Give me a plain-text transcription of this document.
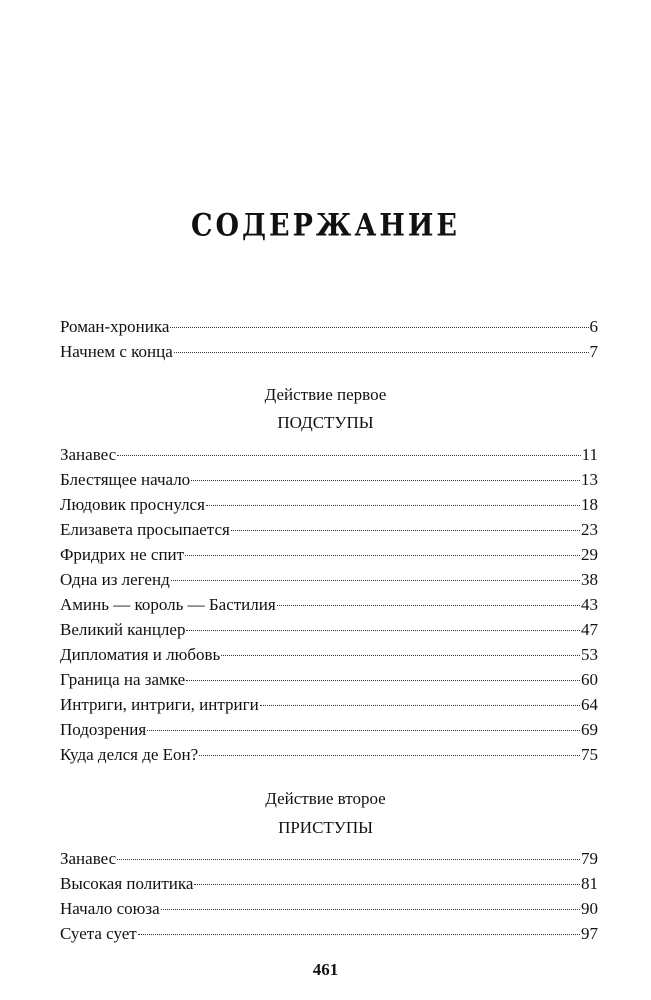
СОДЕРЖАНИЕ
Роман-хроника	6
Начнем с конца	7
Действие первое
ПОДСТУПЫ
Занавес	11
Блестящее начало	13
Людовик проснулся	18
Елизавета просыпается	23
Фридрих не спит	29
Одна из легенд	38
Аминь — король — Бастилия	43
Великий канцлер	47
Дипломатия и любовь	53
Граница на замке	60
Интриги, интриги, интриги	64
Подозрения	69
Куда делся де Еон?	75
Действие второе
ПРИСТУПЫ
Занавес	79
Высокая политика	81
Начало союза	90
Суета сует	97
461
